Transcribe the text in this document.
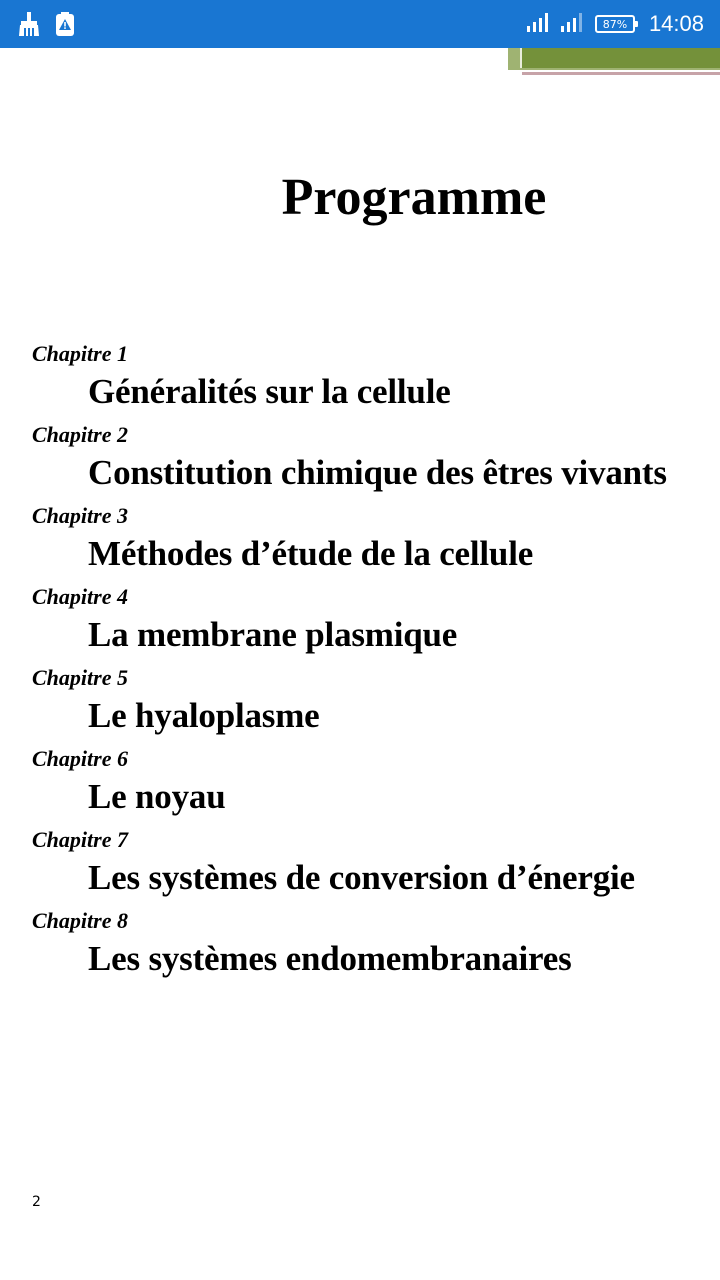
87% 14:08
Programme
Chapitre 1
Généralités sur la cellule
Chapitre 2
Constitution chimique des êtres vivants
Chapitre 3
Méthodes d’étude de la cellule
Chapitre 4
La membrane plasmique
Chapitre 5
Le hyaloplasme
Chapitre 6
Le noyau
Chapitre 7
Les systèmes de conversion d’énergie
Chapitre 8
Les systèmes endomembranaires
2
